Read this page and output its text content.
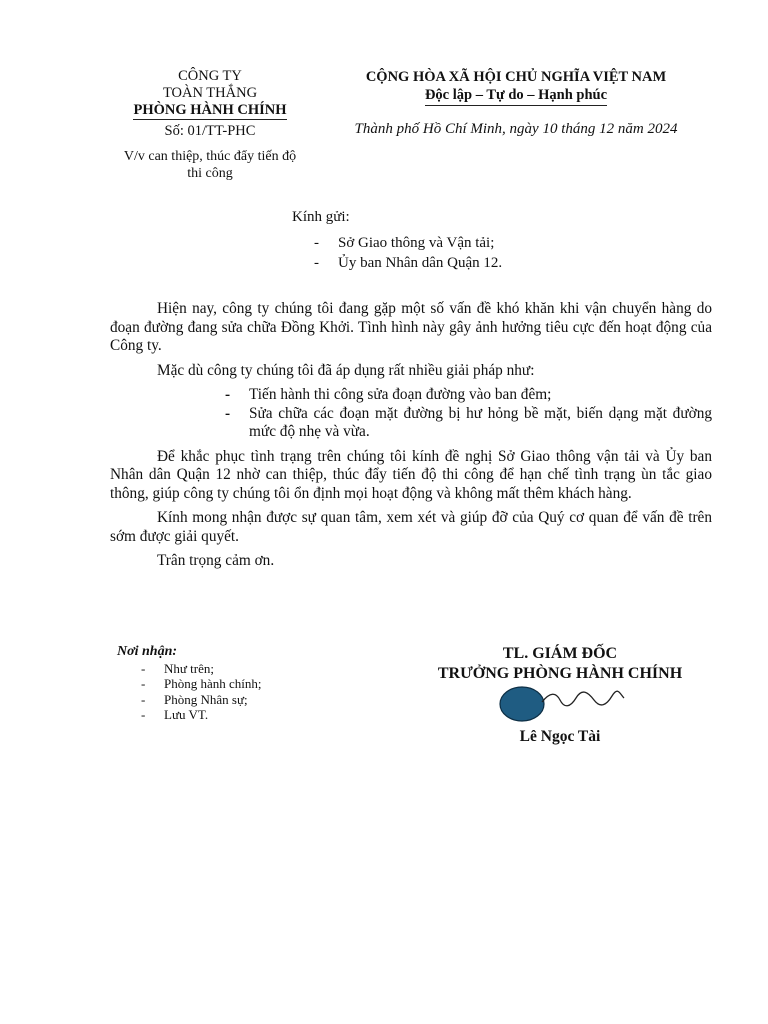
CÔNG TY
TOÀN THẮNG
PHÒNG HÀNH CHÍNH
Số: 01/TT-PHC
CỘNG HÒA XÃ HỘI CHỦ NGHĨA VIỆT NAM
Độc lập – Tự do – Hạnh phúc
Thành phố Hồ Chí Minh, ngày 10 tháng 12 năm 2024
V/v can thiệp, thúc đẩy tiến độ thi công
Kính gửi:
- Sở Giao thông và Vận tải;
- Ủy ban Nhân dân Quận 12.

Hiện nay, công ty chúng tôi đang gặp một số vấn đề khó khăn khi vận chuyển hàng do đoạn đường đang sửa chữa Đồng Khởi. Tình hình này gây ảnh hưởng tiêu cực đến hoạt động của Công ty.

Mặc dù công ty chúng tôi đã áp dụng rất nhiều giải pháp như:

- Tiến hành thi công sửa đoạn đường vào ban đêm;
- Sửa chữa các đoạn mặt đường bị hư hỏng bề mặt, biến dạng mặt đường mức độ nhẹ và vừa.

Để khắc phục tình trạng trên chúng tôi kính đề nghị Sở Giao thông vận tải và Ủy ban Nhân dân Quận 12 nhờ can thiệp, thúc đẩy tiến độ thi công để hạn chế tình trạng ùn tắc giao thông, giúp công ty chúng tôi ổn định mọi hoạt động và không mất thêm khách hàng.

Kính mong nhận được sự quan tâm, xem xét và giúp đỡ của Quý cơ quan để vấn đề trên sớm được giải quyết.

Trân trọng cảm ơn.

Nơi nhận:
- Như trên;
- Phòng hành chính;
- Phòng Nhân sự;
- Lưu VT.
TL. GIÁM ĐỐC
TRƯỞNG PHÒNG HÀNH CHÍNH
Lê Ngọc Tài
